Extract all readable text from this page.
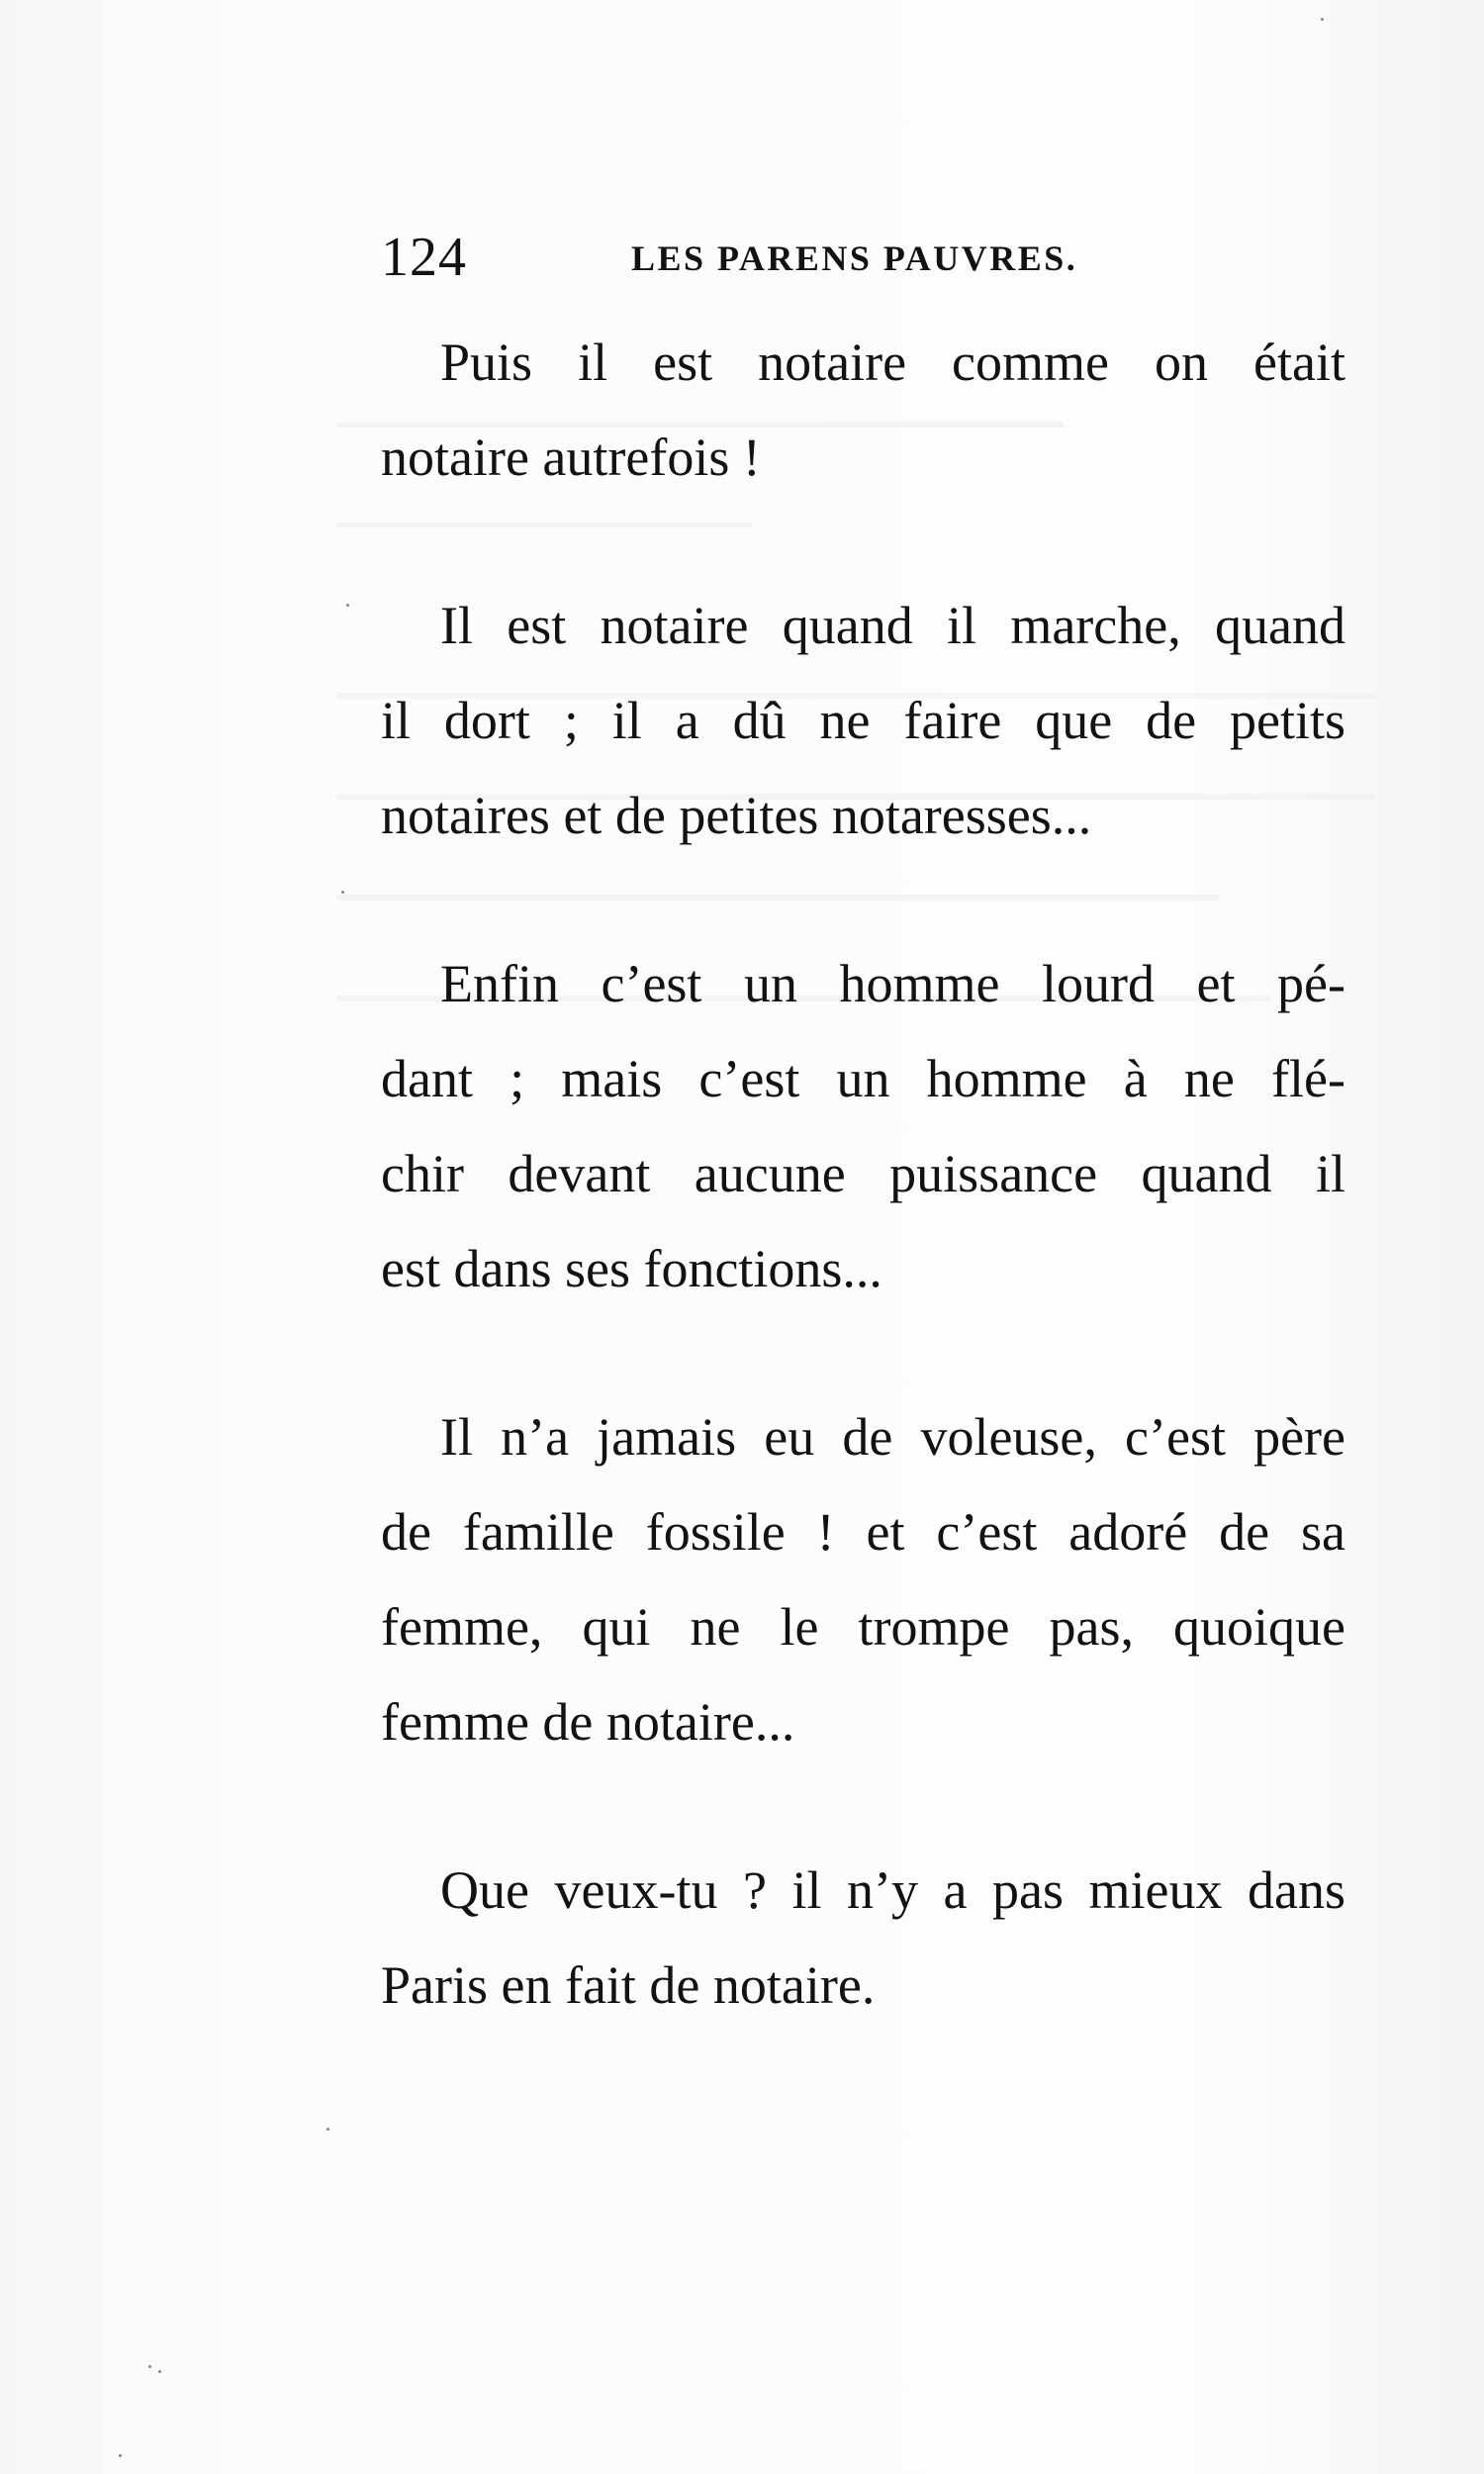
124	LES PARENS PAUVRES.

Puis il est notaire comme on était
notaire autrefois !

Il est notaire quand il marche, quand
il dort ; il a dû ne faire que de petits
notaires et de petites notaresses...

Enfin c’est un homme lourd et pé-
dant ; mais c’est un homme à ne flé-
chir devant aucune puissance quand il
est dans ses fonctions...

Il n’a jamais eu de voleuse, c’est père
de famille fossile ! et c’est adoré de sa
femme, qui ne le trompe pas, quoique
femme de notaire...

Que veux-tu ? il n’y a pas mieux dans
Paris en fait de notaire.
